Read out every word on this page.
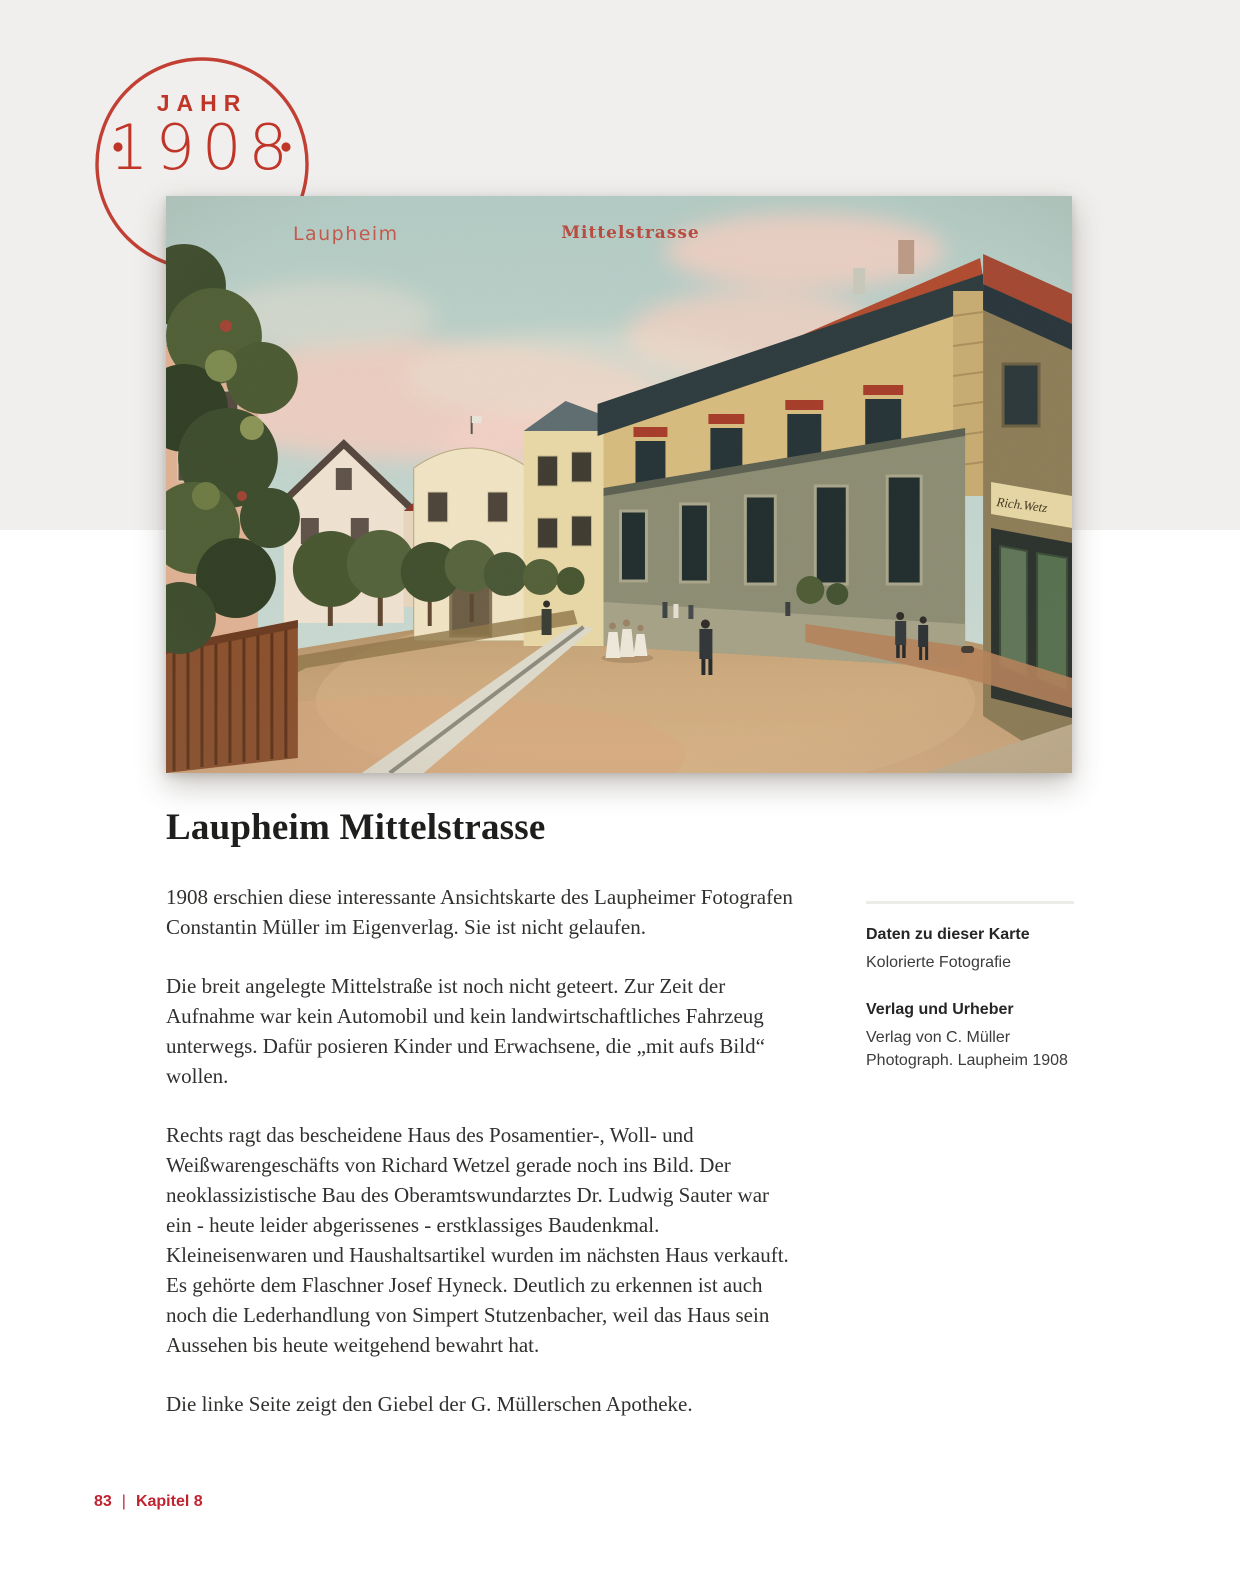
JAHR
1908
Laupheim Mittelstrasse

1908 erschien diese interessante Ansichtskarte des Laupheimer Fotografen Constantin Müller im Eigenverlag. Sie ist nicht gelaufen.

Die breit angelegte Mittelstraße ist noch nicht geteert. Zur Zeit der Aufnahme war kein Automobil und kein landwirtschaftliches Fahrzeug unterwegs. Dafür posieren Kinder und Erwachsene, die „mit aufs Bild“ wollen.

Rechts ragt das bescheidene Haus des Posamentier-, Woll- und Weißwarengeschäfts von Richard Wetzel gerade noch ins Bild. Der neoklassizistische Bau des Oberamtswundarztes Dr. Ludwig Sauter war ein - heute leider abgerissenes - erstklassiges Baudenkmal. Kleineisenwaren und Haushaltsartikel wurden im nächsten Haus verkauft. Es gehörte dem Flaschner Josef Hyneck. Deutlich zu erkennen ist auch noch die Lederhandlung von Simpert Stutzenbacher, weil das Haus sein Aussehen bis heute weitgehend bewahrt hat.

Die linke Seite zeigt den Giebel der G. Müllerschen Apotheke.

Daten zu dieser Karte
Kolorierte Fotografie
Verlag und Urheber
Verlag von C. Müller
Photograph. Laupheim 1908
83 | Kapitel 8
